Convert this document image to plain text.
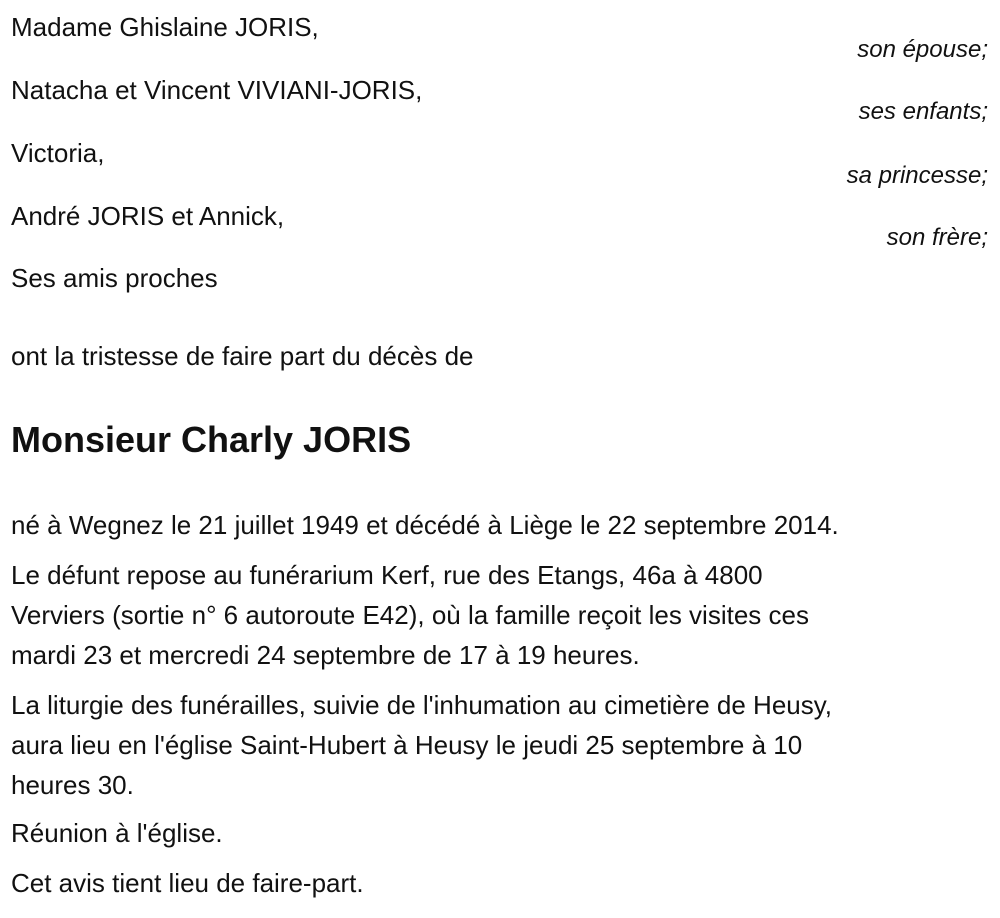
Madame Ghislaine JORIS,
son épouse;
Natacha et Vincent VIVIANI-JORIS,
ses enfants;
Victoria,
sa princesse;
André JORIS et Annick,
son frère;
Ses amis proches
ont la tristesse de faire part du décès de
Monsieur Charly JORIS
né à Wegnez le 21 juillet 1949 et décédé à Liège le 22 septembre 2014.
Le défunt repose au funérarium Kerf, rue des Etangs, 46a à 4800
Verviers (sortie n° 6 autoroute E42), où la famille reçoit les visites ces
mardi 23 et mercredi 24 septembre de 17 à 19 heures.
La liturgie des funérailles, suivie de l'inhumation au cimetière de Heusy,
aura lieu en l'église Saint-Hubert à Heusy le jeudi 25 septembre à 10
heures 30.
Réunion à l'église.
Cet avis tient lieu de faire-part.
